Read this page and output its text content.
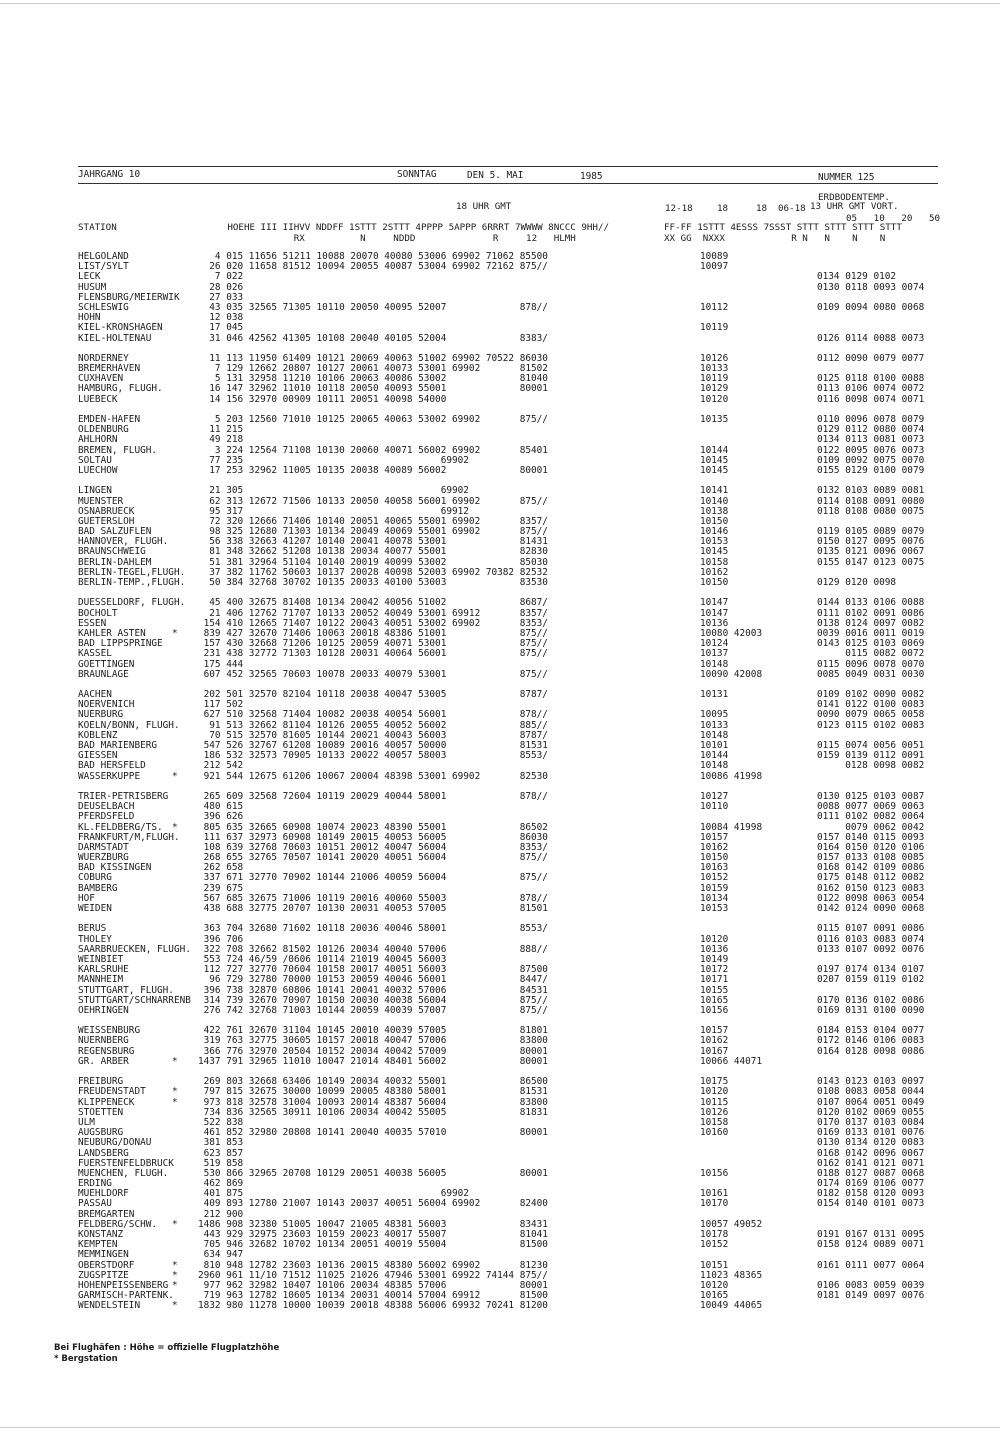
JAHRGANG 10	SONNTAG	DEN 5. MAI	1985	NUMMER 125
18 UHR GMT
ERDBODENTEMP.
13 UHR GMT VORT.
12-18	18	18 06-18
05   10   20   50
STATION                    HOEHE III IIHVV NDDFF 1STTT 2STTT 4PPPP 5APPP 6RRRT 7WWWW 8NCCC 9HH//
RX          N     NDDD              R     12   HLMH
FF-FF 1STTT 4ESSS 7SSST STTT STTT STTT STTT
XX GG  NXXX            R N   N    N    N
HELGOLAND	4 015 11656 51211 10088 20070 40080 53006 69902 71062 85500	10089
LIST/SYLT	26 020 11658 81512 10094 20055 40087 53004 69902 72162 875//	10097
LECK	7 022	0134 0129 0102
HUSUM	28 026	0130 0118 0093 0074
FLENSBURG/MEIERWIK 27 033
SCHLESWIG	43 035 32565 71305 10110 20050 40095 52007             878//	10112	0109 0094 0080 0068
HOHN	12 038
KIEL-KRONSHAGEN	17 045	10119
KIEL-HOLTENAU	31 046 42562 41305 10108 20040 40105 52004             8383/	0126 0114 0088 0073
NORDERNEY	11 113 11950 61409 10121 20069 40063 51002 69902 70522 86030	10126	0112 0090 0079 0077
BREMERHAVEN	7 129 12662 20807 10127 20061 40073 53001 69902       81502	10133
CUXHAVEN	5 131 32958 11210 10106 20063 40086 53002             81040	10119	0125 0118 0100 0088
HAMBURG, FLUGH.	16 147 32962 11010 10118 20050 40093 55001             80001	10129	0113 0106 0074 0072
LUEBECK	14 156 32970 00909 10111 20051 40098 54000	10120	0116 0098 0074 0071
EMDEN-HAFEN	5 203 12560 71010 10125 20065 40063 53002 69902       875//	10135	0110 0096 0078 0079
OLDENBURG	11 215	0129 0112 0080 0074
AHLHORN	49 218	0134 0113 0081 0073
BREMEN, FLUGH.	3 224 12564 71108 10130 20060 40071 56002 69902       85401	10144	0122 0095 0076 0073
SOLTAU	77 235                                   69902	10145	0109 0092 0075 0070
LUECHOW	17 253 32962 11005 10135 20038 40089 56002             80001	10145	0155 0129 0100 0079
LINGEN	21 305                                   69902	10141	0132 0103 0089 0081
MUENSTER	62 313 12672 71506 10133 20050 40058 56001 69902       875//	10140	0114 0108 0091 0080
OSNABRUECK	95 317                                   69912	10138	0118 0108 0080 0075
GUETERSLOH	72 320 12666 71406 10140 20051 40065 55001 69902       8357/	10150
BAD SALZUFLEN	98 325 12680 71303 10134 20049 40069 55001 69902       875//	10146	0119 0105 0089 0079
HANNOVER, FLUGH.	56 338 32663 41207 10140 20041 40078 53001             81431	10153	0150 0127 0095 0076
BRAUNSCHWEIG	81 348 32662 51208 10138 20034 40077 55001             82830	10145	0135 0121 0096 0067
BERLIN-DAHLEM	51 381 32964 51104 10140 20019 40099 53002             85030	10158	0155 0147 0123 0075
BERLIN-TEGEL,FLUGH. 37 382 11762 50603 10137 20028 40098 52003 69902 70382 82532	10162
BERLIN-TEMP.,FLUGH. 50 384 32768 30702 10135 20033 40100 53003             83530	10150	0129 0120 0098
DUESSELDORF, FLUGH. 45 400 32675 81408 10134 20042 40056 51002             8687/	10147	0144 0133 0106 0088
BOCHOLT	21 406 12762 71707 10133 20052 40049 53001 69912       8357/	10147	0111 0102 0091 0086
ESSEN	154 410 12665 71407 10122 20043 40051 53002 69902       8353/	10136	0138 0124 0097 0082
KAHLER ASTEN	* 839 427 32670 71406 10063 20018 48386 51001             875//	10080 42003	0039 0016 0011 0019
BAD LIPPSPRINGE	157 430 32668 71206 10125 20059 40071 53001             875//	10124	0143 0125 0103 0069
KASSEL	231 438 32772 71303 10128 20031 40064 56001             875//	10137	0115 0082 0072
GOETTINGEN	175 444	10148	0115 0096 0078 0070
BRAUNLAGE	607 452 32565 70603 10078 20033 40079 53001             875//	10090 42008	0085 0049 0031 0030
AACHEN	202 501 32570 82104 10118 20038 40047 53005             8787/	10131	0109 0102 0090 0082
NOERVENICH	117 502	0141 0122 0100 0083
NUERBURG	627 510 32568 71404 10082 20038 40054 56001             878//	10095	0090 0079 0065 0058
KOELN/BONN, FLUGH. 91 513 32662 81104 10126 20055 40052 56002             885//	10133	0123 0115 0102 0083
KOBLENZ	70 515 32570 81605 10144 20021 40043 56003             8787/	10148
BAD MARIENBERG	547 526 32767 61208 10089 20016 40057 50000             81531	10101	0115 0074 0056 0051
GIESSEN	186 532 32573 70905 10133 20022 40057 58003             8553/	10144	0159 0139 0112 0091
BAD HERSFELD	212 542	10148	0128 0098 0082
WASSERKUPPE	* 921 544 12675 61206 10067 20004 48398 53001 69902       82530	10086 41998
TRIER-PETRISBERG	265 609 32568 72604 10119 20029 40044 58001             878//	10127	0130 0125 0103 0087
DEUSELBACH	480 615	10110	0088 0077 0069 0063
PFERDSFELD	396 626	0111 0102 0082 0064
KL.FELDBERG/TS. * 805 635 32665 60908 10074 20023 48390 55001             86502	10084 41998	0079 0062 0042
FRANKFURT/M,FLUGH. 111 637 32973 60908 10149 20015 40053 56005             86030	10157	0157 0140 0115 0093
DARMSTADT	108 639 32768 70603 10151 20012 40047 56004             8353/	10162	0164 0150 0120 0106
WUERZBURG	268 655 32765 70507 10141 20020 40051 56004             875//	10150	0157 0133 0108 0085
BAD KISSINGEN	262 658	10163	0168 0142 0109 0086
COBURG	337 671 32770 70902 10144 21006 40059 56004             875//	10152	0175 0148 0112 0082
BAMBERG	239 675	10159	0162 0150 0123 0083
HOF	567 685 32675 71006 10119 20016 40060 55003             878//	10134	0122 0098 0063 0054
WEIDEN	438 688 32775 20707 10130 20031 40053 57005             81501	10153	0142 0124 0090 0068
BERUS	363 704 32680 71602 10118 20036 40046 58001             8553/	0115 0107 0091 0086
THOLEY	396 706	10120	0116 0103 0083 0074
SAARBRUECKEN, FLUGH. 322 708 32662 81502 10126 20034 40040 57006             888//	10136	0133 0107 0092 0076
WEINBIET	553 724 46/59 /0606 10114 21019 40045 56003	10149
KARLSRUHE	112 727 32770 70604 10158 20017 40051 56003             87500	10172	0197 0174 0134 0107
MANNHEIM	96 729 32780 70000 10153 20059 40046 56001             8447/	10171	0207 0159 0119 0102
STUTTGART, FLUGH.	396 738 32870 60806 10141 20041 40032 57006             84531	10155
STUTTGART/SCHNARRENB 314 739 32670 70907 10150 20030 40038 56004             875//	10165	0170 0136 0102 0086
OEHRINGEN	276 742 32768 71003 10144 20059 40039 57007             875//	10156	0169 0131 0100 0090
WEISSENBURG	422 761 32670 31104 10145 20010 40039 57005             81801	10157	0184 0153 0104 0077
NUERNBERG	319 763 32775 30605 10157 20018 40047 57006             83800	10162	0172 0146 0106 0083
REGENSBURG	366 776 32970 20504 10152 20034 40042 57009             80001	10167	0164 0128 0098 0086
GR. ARBER	* 1437 791 32965 11010 10047 21014 48401 56002             80001	10066 44071
FREIBURG	269 803 32668 63406 10149 20034 40032 55001             86500	10175	0143 0123 0103 0097
FREUDENSTADT	* 797 815 32675 30000 10099 20005 48380 58001             81531	10120	0108 0083 0058 0044
KLIPPENECK	* 973 818 32578 31004 10093 20014 48387 56004             83800	10115	0107 0064 0051 0049
STOETTEN	734 836 32565 30911 10106 20034 40042 55005             81831	10126	0120 0102 0069 0055
ULM	522 838	10158	0170 0137 0103 0084
AUGSBURG	461 852 32980 20808 10141 20040 40035 57010             80001	10160	0169 0133 0101 0076
NEUBURG/DONAU	381 853	0130 0134 0120 0083
LANDSBERG	623 857	0168 0142 0096 0067
FUERSTENFELDBRUCK	519 858	0162 0141 0121 0071
MUENCHEN, FLUGH.	530 866 32965 20708 10129 20051 40038 56005             80001	10156	0188 0127 0087 0068
ERDING	462 869	0174 0169 0106 0077
MUEHLDORF	401 875                                   69902	10161	0182 0158 0120 0093
PASSAU	409 893 12780 21007 10143 20037 40051 56004 69902       82400	10170	0154 0140 0101 0073
BREMGARTEN	212 900
FELDBERG/SCHW. * 1486 908 32380 51005 10047 21005 48381 56003             83431	10057 49052
KONSTANZ	443 929 32975 23603 10159 20023 40017 55007             81041	10178	0191 0167 0131 0095
KEMPTEN	705 946 32682 10702 10134 20051 40019 55004             81500	10152	0158 0124 0089 0071
MEMMINGEN	634 947
OBERSTDORF	* 810 948 12782 23603 10136 20015 48380 56002 69902       81230	10151	0161 0111 0077 0064
ZUGSPITZE	* 2960 961 11/10 71512 11025 21026 47946 53001 69922 74144 875//	11023 48365
HOHENPEISSENBERG * 977 962 32982 10407 10106 20034 48385 57006             80001	10120	0106 0083 0059 0039
GARMISCH-PARTENK.	719 963 12782 10605 10134 20031 40014 57004 69912       81500	10165	0181 0149 0097 0076
WENDELSTEIN	* 1832 980 11278 10000 10039 20018 48388 56006 69932 70241 81200	10049 44065
Bei Flughäfen : Höhe = offizielle Flugplatzhöhe
* Bergstation
